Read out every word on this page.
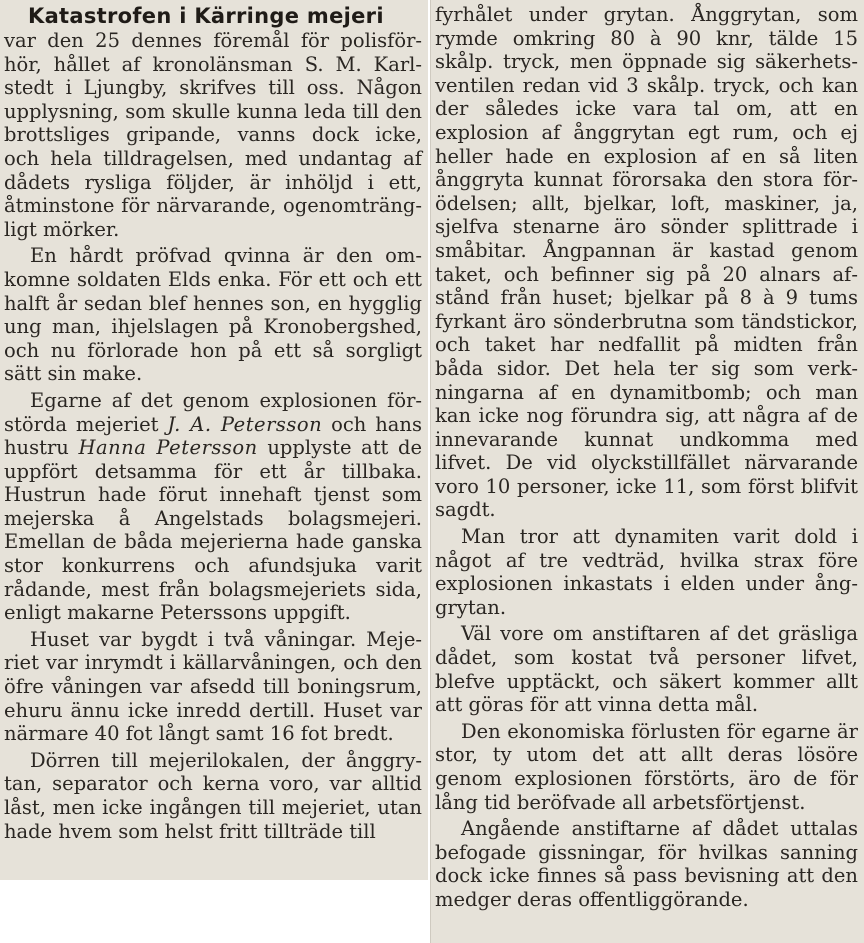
Katastrofen i Kärringe mejeri

var den 25 dennes föremål för polisförhör, hållet af kronolänsman S. M. Karlstedt i Ljungby, skrifves till oss. Någon upplysning, som skulle kunna leda till den brottsliges gripande, vanns dock icke, och hela tilldragelsen, med undantag af dådets rysliga följder, är inhöljd i ett, åtminstone för närvarande, ogenomträngligt mörker.

En hårdt pröfvad qvinna är den omkomne soldaten Elds enka. För ett och ett halft år sedan blef hennes son, en hygglig ung man, ihjelslagen på Kronobergshed, och nu förlorade hon på ett så sorgligt sätt sin make.

Egarne af det genom explosionen förstörda mejeriet J. A. Petersson och hans hustru Hanna Petersson upplyste att de uppfört detsamma för ett år tillbaka. Hustrun hade förut innehaft tjenst som mejerska å Angelstads bolagsmejeri. Emellan de båda mejerierna hade ganska stor konkurrens och afundsjuka varit rådande, mest från bolagsmejeriets sida, enligt makarne Peterssons uppgift.

Huset var bygdt i två våningar. Mejeriet var inrymdt i källarvåningen, och den öfre våningen var afsedd till boningsrum, ehuru ännu icke inredd dertill. Huset var närmare 40 fot långt samt 16 fot bredt.

Dörren till mejerilokalen, der ånggrytan, separator och kerna voro, var alltid låst, men icke ingången till mejeriet, utan hade hvem som helst fritt tillträde till

fyrhålet under grytan. Ånggrytan, som rymde omkring 80 à 90 knr, tälde 15 skålp. tryck, men öppnade sig säkerhetsventilen redan vid 3 skålp. tryck, och kan der således icke vara tal om, att en explosion af ånggrytan egt rum, och ej heller hade en explosion af en så liten ånggryta kunnat förorsaka den stora förödelsen; allt, bjelkar, loft, maskiner, ja, sjelfva stenarne äro sönder splittrade i småbitar. Ångpannan är kastad genom taket, och befinner sig på 20 alnars afstånd från huset; bjelkar på 8 à 9 tums fyrkant äro sönderbrutna som tändstickor, och taket har nedfallit på midten från båda sidor. Det hela ter sig som verkningarna af en dynamitbomb; och man kan icke nog förundra sig, att några af de innevarande kunnat undkomma med lifvet. De vid olyckstillfället närvarande voro 10 personer, icke 11, som först blifvit sagdt.

Man tror att dynamiten varit dold i något af tre vedträd, hvilka strax före explosionen inkastats i elden under ånggrytan.

Väl vore om anstiftaren af det gräsliga dådet, som kostat två personer lifvet, blefve upptäckt, och säkert kommer allt att göras för att vinna detta mål.

Den ekonomiska förlusten för egarne är stor, ty utom det att allt deras lösöre genom explosionen förstörts, äro de för lång tid beröfvade all arbetsförtjenst.

Angående anstiftarne af dådet uttalas befogade gissningar, för hvilkas sanning dock icke finnes så pass bevisning att den medger deras offentliggörande.
